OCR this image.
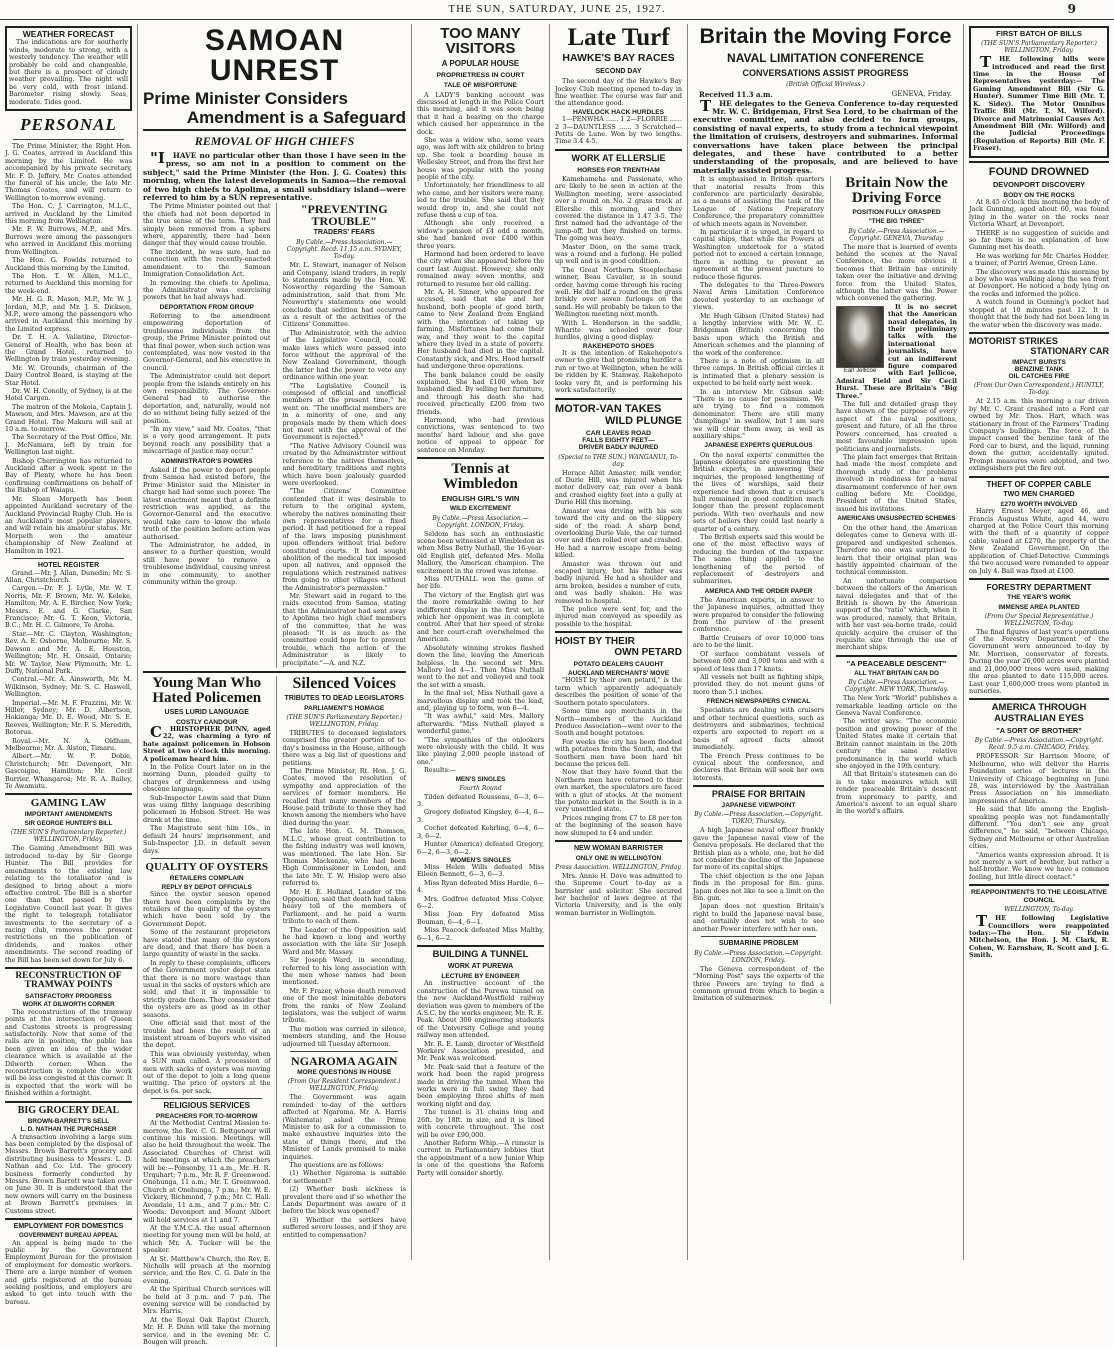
THE SUN, SATURDAY, JUNE 25, 1927.	9
WEATHER FORECAST

The indications are for southerly winds, moderate to strong, with a westerly tendency. The weather will probably be cold and changeable, but there is a prospect of cloudy weather prevailing. The night will be very cold, with frost inland. Barometer rising slowly. Seas, moderate. Tides good.

PERSONAL

The Prime Minister, the Right Hon. J. G. Coates, arrived in Auckland this morning by the Limited. He was accompanied by his private secretary, Mr. F. D. Jeffery. Mr. Coates attended the funeral of his uncle, the late Mr. Thomas Coates, and will return to Wellington to-morrow evening.

The Hon. C. J. Carrington, M.L.C., arrived in Auckland by the Limited this morning from Wellington.

Mr. F. W. Burrows, M.P., and Mrs. Burrows were among the passengers who arrived in Auckland this morning from Wellington.

The Hon. G. Fowlds returned to Auckland this morning by the Limited.

The Hon. T. W. Allen, M.L.C., returned to Auckland this morning for the week-end.

Mr. H. G. R. Mason, M.P., Mr. W. J. Jordan, M.P., and Mr. J. S. Dickson, M.P., were among the passengers who arrived in Auckland this morning by the Limited express.

Dr. T. H. A. Valintine, Director-General of Health, who has been at the Grand Hotel, returned to Wellington by train yesterday evening.

Mr. W. Grounds, chairman of the Dairy Control Board, is staying at the Star Hotel.

Dr. W. H. Conolly, of Sydney, is at the Hotel Cargen.

The matron of the Mokoia, Captain J. Mawson, and Mrs. Mawson, are at the Grand Hotel. The Makura will sail at 10 a.m. to-morrow.

The Secretary of the Post Office, Mr. J. McNamara, left by train for Wellington last night.

Bishop Cherrington has returned to Auckland after a week spent in the Bay of Plenty, where he has been confirming confirmations on behalf of the Bishop of Waiapu.

Mr. Sloan Morpeth has been appointed Auckland secretary of the Auckland Provincial Rugby Club. He is an Auckland's most popular players, and will retain his amateur status. Mr. Morpeth won the amateur championship of New Zealand at Hamilton in 1921.

HOTEL REGISTER

Grand.—Mr. J. Allan, Dunedin; Mr. S. Allan, Christchurch.

Cargen.—Dr. F. J. Lytle, Mr. W. T. Norris, Mr. F. Brown, Mr. W. Keleke, Hamilton; Mr. A. E. Bircher, New York; Messrs. E. and G. Clarke, San Francisco; Mr. G. T. Keon, Victoria, B.C.; Mr. H. C. Gilmore, Te Aroha.

Star.—Mr. C. Clayton, Washington; Rev. A. E. Osborne, Melbourne; Mr. S. Dawson and Mr. A. E. Houston, Wellington; Mr. H. Onsaid, Ontario; Mr. W. Taylor, New Plymouth; Mr. L. Duffy, National Park.

Central.—Mr. A. Ainsworth, Mr. M. Wilkinson, Sydney; Mr. S. C. Haswell, Wellington.

Imperial.—Mr. M. F. Frazzini, Mr. W. Hiller, Sydney; Mr. D. Albertson, Hokianga; Mr. D. E. Wood, Mr. S. E. Reeves, Wellington; Mr. F. S. Meredith, Rotorua.

Royal.—Mr. N. A. Oldham, Melbourne; Mr. A. Alston, Timaru.

Albert.—Mr. W. P. Dobie, Christchurch; Mr. Davenport, Mr. Gascoigne, Hamilton; Mr. Cecil Burrier, Whangaroa; Mr. R. A. Bailey, Te Awamutu.

GAMING LAW
IMPORTANT AMENDMENTS
SIR GEORGE HUNTER'S BILL

(THE SUN'S Parliamentary Reporter.) WELLINGTON, Friday.

The Gaming Amendment Bill was introduced to-day by Sir George Hunter. The Bill provides for amendments to the existing law relating to the totalisator and is designed to bring about a more effective control. The Bill is a shorter one than that passed by the Legislative Council last year. It gives the right to telegraph totalisator investments to the secretary of a racing club, removes the present restrictions on the publication of dividends, and makes other amendments. The second reading of the Bill has been set down for July 6.

RECONSTRUCTION OF TRAMWAY POINTS
SATISFACTORY PROGRESS
WORK AT DILWORTH CORNER

The reconstruction of the tramway points at the intersection of Queen and Customs streets is progressing satisfactorily. Now that some of the rails are in position, the public has been given an idea of the wider clearance which is available at the Dilworth corner. When the reconstruction is complete the work will be less congested at this corner. It is expected that the work will be finished within a fortnight.

BIG GROCERY DEAL
BROWN-BARRETT'S SELL
L. D. NATHAN THE PURCHASER

A transaction involving a large sum has been completed by the disposal of Messrs. Brown Barrett's grocery and distributing business to Messrs. L. D. Nathan and Co. Ltd. The grocery business formerly conducted by Messrs. Brown Barrett was taken over on June 30. It is understood that the new owners will carry on the business at Brown Barrett's premises in Customs street.

EMPLOYMENT FOR DOMESTICS
GOVERNMENT BUREAU APPEAL

An appeal is being made to the public by the Government Employment Bureau for the provision of employment for domestic workers. There are a large number of women and girls registered at the bureau seeking positions, and employers are asked to get into touch with the bureau.

SAMOAN UNREST
Prime Minister Considers
Amendment is a Safeguard
REMOVAL OF HIGH CHIEFS

"IHAVE no particular other than those I have seen in the press, so am not in a position to comment on the subject," said the Prime Minister (the Hon. J. G. Coates) this morning, when the latest developments in Samoa—the removal of two high chiefs to Apolima, a small subsidiary island—were referred to him by a SUN representative.

The Prime Minister pointed out that the chiefs had not been deported in the true sense of the term. They had simply been removed from a sphere where, apparently, there had been danger that they would cause trouble.

The incident, he was sure, had no connection with the recently-enacted amendment to the Samoan Immigration Consolidation Act.

In removing the chiefs to Apolima, the Administrator was exercising powers that he had always had.

DEPORTATION FROM GROUP

Referring to the amendment empowering deportation of troublesome individuals from the group, the Prime Minister pointed out that final power, when such action was contemplated, was now vested in the Governor-General, and his executive in council.

The Administrator could not deport people from the islands entirely on his own responsibility. The Governor-General had to authorise the deportation, and, naturally, would not do so without being fully seized of the position.

"In my view," said Mr. Coates, "that is a very good arrangement. It puts beyond reach any possibility that a miscarriage of justice may occur."

ADMINISTRATOR'S POWERS

Asked if the power to deport people from Samoa had existed before, the Prime Minister said the Minister in charge had had some such power. The latest enactment meant that a definite restriction was applied, as the Governor-General and the executive would take care to know the whole truth of the position before action was authorised.

The Administrator, he added, in answer to a further question, would still have power to remove a troublesome individual, causing unrest in one community, to another community within the group.

"PREVENTING TROUBLE"
TRADERS' FEARS

By Cable.—Press Association.—Copyright. Recd. 11.15 a.m. SYDNEY, To-day.

Mr. L. Stewart, manager of Nelson and Company, island traders, in reply to statements made by the Hon. W. Nosworthy regarding the Samoan administration, said that from Mr. Nosworthy's statements one would conclude that sedition had occurred as a result of the activities of the Citizens' Committee.

The Administrator, with the advice of the Legislative Council, could make laws which were passed into force without the approval of the New Zealand Government, though the latter had the power to veto any ordinance within one year.

"The Legislative Council is composed of official and unofficial members at the present time," he went on. "The unofficial members are in a minority of one, and any proposals made by them which does not meet with the approval of the Government is rejected."

"The Native Advisory Council was created by the Administrator without reference to the natives themselves, and hereditary traditions and rights which have been jealously guarded were overlooked.

"The Citizens' Committee contended that it was desirable to return to the original system, whereby the natives nominating their own representatives for a fixed period. It had petitioned for a repeal of the laws imposing punishment upon offenders without trial before constituted courts. It had sought abolition of the medical tax imposed upon all natives, and opposed the regulations which restrained natives from going to other villages without the Administrator's permission."

Mr. Stewart said in regard to the raids executed from Samoa, stating that the Administrator had sent away to Apolima two high chief members of the committee, that he was pleased: "It is as much as the committee could hope for to prevent trouble, which the action of the Administrator is likely to precipitate."—A. and N.Z.

Young Man Who
Hated Policemen
USES LURID LANGUAGE
COSTLY CANDOUR

CHRISTOPHER DUNN, aged 22, was charming a tyro of hate against policemen in Hobson Street at two o'clock this morning. A policeman heard him.

In the Police Court later on in the morning Dunn, pleaded guilty to charges of drunkenness and using obscene language.

Sub-Inspector Lewin said that Dunn was using filthy language describing policemen in Hobson Street. He was drunk at the time.

The Magistrate sent him 10s., in default 24 hours' imprisonment, and Sub-Inspector J.D. in default seven days.

QUALITY OF OYSTERS
RETAILERS COMPLAIN
REPLY BY DEPOT OFFICIALS

Since the oyster season opened there have been complaints by the retailers of the quality of the oysters which have been sold by the Government Depot.

Some of the restaurant proprietors have stated that many of the oysters are dead, and that there has been a large quantity of waste in the sacks.

In reply to these complaints, officers of the Government oyster depot state that there is no more wastage than usual in the sacks of oysters which are sold, and that it is impossible to strictly grade them. They consider that the oysters are as good as in other seasons.

One official said that most of the trouble had been the result of an insistent stream of buyers who visited the depot.

This was obviously yesterday, when a SUN man called. A procession of men with sacks of oysters was moving out of the depot to join a long queue waiting. The price of oysters at the depot is 6s. per sack.

RELIGIOUS SERVICES
PREACHERS FOR TO-MORROW

At the Methodist Central Mission to-morrow, the Rev. C. G. Bettgenour will continue his mission. Meetings will also be held throughout the week. The Associated Churches of Christ will hold meetings at which the preachers will be:—Ponsonby, 11 a.m., Mr. H. R. Urquhart; 7 p.m., Mr. R. F. Greenwood. Onehunga, 11 a.m.; Mr. T. Greenwood. Church at Onehunga, 7 p.m.; Mr. W. E. Vickery, Richmond, 7 p.m.; Mr. C. Hall. Avondale, 11 a.m., and 7 p.m.: Mr. C. Woods. Devonport and Mount Albert will hold services at 11 and 7.

At the Y.M.C.A. the usual afternoon meeting for young men will be held, at which Mr. A. Tucker will be the speaker.

At St. Matthew's Church, the Rev. E. Nicholls will preach at the morning service, and the Rev. C. G. Dale in the evening.

At the Spiritual Church services will be held at 3 p.m. and 7 p.m. The evening service will be conducted by Mrs. Harris.

At the Royal Oak Baptist Church, Mr. H. F. Dunn will take the morning service, and in the evening Mr. C. Bougen will preach.

Silenced Voices
TRIBUTES TO DEAD LEGISLATORS
PARLIAMENT'S HOMAGE

(THE SUN'S Parliamentary Reporter.) WELLINGTON, Friday.

TRIBUTES to deceased legislators comprised the greater portion of to-day's business in the House, although there was a big list of questions and petitions.

The Prime Minister, Rt. Hon. J. G. Coates, moved the resolution of sympathy and appreciation of the services of former members. He recalled that many members of the House paid tribute to those they had known among the members who have died during the year.

The late Hon. G. M. Thomson, M.L.C., whose great contribution to the fishing industry was well known, was mentioned. The late Hon. Sir Thomas Mackenzie, who had been High Commissioner in London, and the late Mr. T. W. Hislop were also referred to.

Mr. H. E. Holland, Leader of the Opposition, said that death had taken heavy toll of the members of Parliament, and he paid a warm tribute to each of them.

The Leader of the Opposition said he had known a long and worthy association with the late Sir Joseph Ward and Mr. Massey.

Sir Joseph Ward, in seconding, referred to his long association with the men whose names had been mentioned.

Mr. F. Frazer, whose death removed one of the most inimitable debaters from the ranks of New Zealand legislators, was the subject of warm tribute.

The motion was carried in silence, members standing, and the House adjourned till Tuesday afternoon.

NGAROMA AGAIN
MORE QUESTIONS IN HOUSE

(From Our Resident Correspondent.) WELLINGTON, Friday.

The Government was again reminded to-day of the settlers affected at Ngaroma. Mr. A. Harris (Waitemata) asked the Prime Minister to ask for a commission to make exhaustive inquiries into the state of things there, and the Minister of Lands promised to make inquiries.

The questions are as follows:

(1) Whether Ngaroma is suitable for settlement?

(2) Whether bush sickness is prevalent there and if so whether the Lands Department was aware of it before the block was opened?

(3) Whether the settlers have suffered severe losses, and if they are entitled to compensation?

TOO MANY VISITORS
A POPULAR HOUSE
PROPRIETRESS IN COURT
TALE OF MISFORTUNE

A LADY'S banking account was discussed at length in the Police Court this morning, and it was soon being that it had a bearing on the charge which caused her appearance in the dock.

She was a widow who, some years ago, was left with six children to bring up. She took a boarding house in Wellesley Street, and from the first her house was popular with the young people of the city.

Unfortunately, her friendliness to all who came, and her visitors were many, led to the trouble. She said that they would drop in, and she could not refuse them a cup of tea.

Although she only received a widow's pension of £4 odd a month, she had banked over £400 within three years.

Harmond had been ordered to leave the city when she appeared before the court last August. However, she only remained away seven months, and returned to resume her old calling.

Mr. A. H. Sinner, who appeared for accused, said that she and her husband, both people of good birth, came to New Zealand from England with the intention of taking up farming. Misfortunes had come their way, and they went to the capital where they lived in a state of poverty. Her husband had died in the capital. Constantly sick, and Mrs. Hood herself had undergone three operations.

The bank balance could be easily explained. She had £100 when her husband died. By selling her furniture, and through his death she had received practically £200 from two friends.

Harmond, who had previous convictions, was sentenced to two months' hard labour, and she gave notice of appeal to appear for sentence on Monday.

Tennis at Wimbledon
ENGLISH GIRL'S WIN
WILD EXCITEMENT

By Cable.—Press Association.—Copyright. LONDON, Friday.

Seldom has such an enthusiastic scene been witnessed at Wimbledon as when Miss Betty Nuthall, the 16-year-old English girl, defeated Mrs. Molla Mallory, the American champion. The excitement in the crowd was intense.

Miss NUTHALL won the game of her life.

The victory of the English girl was the more remarkable owing to her indifferent display in the first set, in which her opponent was in complete control. After that her speed of stroke and her court-craft overwhelmed the American.

Absolutely winning strokes flashed down the line, leaving the American helpless. In the second set Mrs. Mallory led 4—1. Then Miss Nuthall went to the net and volleyed and took the set with a smash.

In the final set, Miss Nuthall gave a marvellous display and took the lead, and, playing up to form, won 6—4.

"It was awful," said Mrs. Mallory afterwards. "Miss Nuthall played a wonderful game."

"The sympathies of the onlookers were obviously with the child. It was like playing 2,000 people instead of one."

Results:—

MEN'S SINGLES

Fourth Round

Tilden defeated Rousseau, 6—3, 6—3.

Gregory defeated Kingsley, 6—4, 6—3.

Cochet defeated Kehrling, 6—4, 6—3, 6—2.

Hunter (America) defeated Gregory, 6—2, 6—3, 6—2.

WOMEN'S SINGLES

Miss Helen Wills defeated Miss Eileen Bennett, 6—3, 6—3.

Miss Ryan defeated Miss Hardie, 6—4.

Mrs. Godfree defeated Miss Colyer, 6—2.

Miss Joan Fry defeated Miss Bouman, 6—4, 6—1.

Miss Peacock defeated Miss Maltby, 6—1, 6—2.

BUILDING A TUNNEL
WORK AT PUREWA
LECTURE BY ENGINEER

An instructive account of the construction of the Purewa tunnel on the new Auckland-Westfield railway deviation was given to members of the A.S.C. by the works engineer, Mr. R. E. Peak. About 300 engineering students of the University College and young railway men attended.

Mr. R. E. Lamb, director of Westfield Workers' Association presided, and Mr. Peak was welcomed.

Mr. Peak said that a feature of the work had been the rapid progress made in driving the tunnel. When the works were in full swing they had been employing three shifts of men working night and day.

The tunnel is 31 chains long and 26ft. by 18ft. in size, and it is lined with concrete throughout. The cost will be over £90,000.

Another Reform Whip.—A rumour is current in Parliamentary lobbies that the appointment of a new Junior Whip is one of the questions the Reform Party will consider shortly.

Late Turf
HAWKE'S BAY RACES
SECOND DAY

The second day of the Hawke's Bay Jockey Club meeting opened to-day in fine weather. The course was fair and the attendance good.

HAVELOCK HACK HURDLES

1—PENWHA ...... 1 2—FLORRIE ...... 2 3—DAUNTLESS ...... 3 Scratched—Petits de Lune. Won by two lengths. Time 3.4 4-5.

WORK AT ELLERSLIE
HORSES FOR TRENTHAM

Kamehameha and Passionate, who are likely to be seen in action at the Wellington meeting, were associated over a round on No. 2 grass track at Ellerslie this morning, and they covered the distance in 1.47 3-5. The first named had the advantage of the jump-off, but they finished on terms. The going was heavy.

Master Doon, on the same track, was a round and a furlong. He pulled up well and is in good condition.

The Great Northern Steeplechase winner, Beau Cavalier, is in sound order, having come through his racing well. He did half a round on the grass briskly over seven furlongs on the sand. He will probably be taken to the Wellington meeting next month.

With L. Henderson in the saddle, Wharite was schooled over four hurdles, giving a good display.

RAKEHEPOTO SHOES

It is the intention of Rakehepoto's owner to give that promising hurdler a run or two at Wellington, when he will be ridden by K. Stanway. Rakehepoto looks very fit, and is performing his work satisfactorily.

MOTOR-VAN TAKES
WILD PLUNGE
CAR LEAVES ROAD
FALLS EIGHTY FEET—
DRIVER BADLY INJURED

(Special to THE SUN.) WANGANUI, To-day.

Horace Albit Amaster, milk vendor, of Durie Hill, was injured when his motor delivery car, ran over a bank and crashed eighty feet into a gully at Durie Hill this morning.

Amaster was driving with his son toward the city and on the slippery side of the road. A sharp bend, overlooking Durie Vale, the car turned over and then rolled over and crashed. He had a narrow escape from being killed.

Amaster was thrown out and escaped injury, but his father was badly injured. He had a shoulder and arm broken, besides a number of cuts, and was badly shaken. He was removed to hospital.

The police were sent for, and the injured man conveyed as speedily as possible to the hospital.

HOIST BY THEIR
OWN PETARD
POTATO DEALERS CAUGHT
AUCKLAND MERCHANTS' MOVE

"HOIST by their own petard," is the term which apparently adequately describes the position of some of the Southern potato speculators.

Some time ago merchants in the North—members of the Auckland Produce Association—went over to the South and bought potatoes.

For weeks the city has been flooded with potatoes from the South, and the Southern men have been hard hit because the prices fell.

Now that they have found that the Northern men have returned to their own market, the speculators are faced with a glut of stocks. At the moment the potato market in the South is in a very unsettled state.

Prices ranging from £7 to £8 per ton at the beginning of the season have now slumped to £4 and under.

NEW WOMAN BARRISTER
ONLY ONE IN WELLINGTON

Press Association. WELLINGTON, Friday.

Mrs. Annie H. Dove was admitted to the Supreme Court to-day as a barrister and solicitor. She secured her bachelor of laws degree at the Victoria University, and is the only woman barrister in Wellington.

Britain the Moving Force
NAVAL LIMITATION CONFERENCE
CONVERSATIONS ASSIST PROGRESS

(British Official Wireless.)

Received 11.3 a.m.	GENEVA, Friday.

THE delegates to the Geneva Conference to-day requested Mr. W. C. Bridgeman, First Sea Lord, to be chairman of the executive committee, and also decided to form groups, consisting of naval experts, to study from a technical viewpoint the limitation of cruisers, destroyers and submarines. Informal conversations have taken place between the principal delegates, and these have contributed to a better understanding of the proposals, and are believed to have materially assisted progress.

It is emphasised in British quarters that material results from this conference are particularly desirable, as a means of assisting the task of the League of Nations Preparatory Conference, the preparatory committee of which meets again in November.

In particular it is urged, in regard to capital ships, that while the Powers at Washington undertook for a stated period not to exceed a certain tonnage, there is nothing to prevent an agreement at the present juncture to reduce those figures.

The delegates to the Three-Powers Naval Arms Limitation Conference devoted yesterday to an exchange of views.

Mr. Hugh Gibson (United States) had a lengthy interview with Mr. W. C. Bridgeman (Britain) concerning the basis upon which the British and American schemes and the planning of the work of the conference.

There is a note of optimism in all three camps. In British official circles it is intimated that a plenary session is expected to be held early next week.

In an interview Mr. Gibson said: "There is no cause for pessimism. We are trying to find a common denominator. There are still many 'dumplings' in swallow, but I am sure we will clear them away, as well as auxiliary ships."

JAPANESE EXPERTS QUERULOUS

On the naval experts' committee the Japanese delegates are questioning the British experts, in answering their inquiries, the proposed lengthening of the lives of warships, said their experience had shown that a cruiser's hull remained in good condition much longer than the present replacement periods. With two overhauls and new sets of boilers they could last nearly a quarter of a century.

The British experts said this would be one of the most effective ways of reducing the burden of the taxpayer. The same thing applied to the lengthening of the period of replacement of destroyers and submarines.

AMERICA AND THE ORDER PAPER

The American experts, in answer to the Japanese inquiries, admitted they were prepared to consider the following from the purview of the present conference.

Battle Cruisers of over 10,000 tons are to be the limit.

Of surface combatant vessels of between 600 and 3,000 tons and with a speed of less than 17 knots.

All vessels not built as fighting ships, provided they do not mount guns of more than 5.1 inches.

FRENCH NEWSPAPERS CYNICAL

Specialists are dealing with cruisers and other technical questions, such as destroyers and submarines, technical experts are expected to report on a basis of agreed facts almost immediately.

The French Press continues to be cynical about the conference, and declares that Britain will seek her own interests.

PRAISE FOR BRITAIN
JAPANESE VIEWPOINT

By Cable.—Press Association.—Copyright. TOKIO, Thursday.

A high Japanese naval officer frankly gave the Japanese naval view of the Geneva proposals. He declared that the British plan as a whole, one, but he did not consider the decline of the Japanese far more of its capital ships.

The chief objection is the one Japan finds in the proposal for 8in. guns. Japan does not like to see a limit on the 8in. gun.

Japan does not question Britain's right to build the Japanese naval base, and certainly does not wish to see another Power interfere with her own.

SUBMARINE PROBLEM

By Cable.—Press Association.—Copyright. LONDON, Friday.

The Geneva correspondent of the "Morning Post" says the experts of the three Powers are trying to find a common ground from which to begin a limitation of submarines.

Britain Now the
Driving Force
POSITION FULLY GRASPED
"THE BIG THREE"

By Cable.—Press Association.—Copyright. GENEVA, Thursday.

The more that is learned of events behind the scenes at the Naval Conference, the more obvious it becomes that Britain has entirely taken over the initiative and driving force from the United States, although the latter was the Power which convened the gathering.

Earl Jellicoe

It is no secret that the American naval delegates, in their preliminary talks with the international journalists, have cut an indifferent figure compared with Earl Jellicoe, Admiral Field and Sir Cecil Hurst. These are Britain's "Big Three."

The full and detailed grasp they have shown of the purpose of every aspect of the naval positions, present and future, of all the three Powers concerned, has created a most favourable impression upon politicians and journalists.

The plain fact emerges that Britain had made the most complete and thorough study of the problems involved in readiness for a naval disarmament conference of her own calling before Mr. Coolidge, President of the United States, issued his invitations.

AMERICANS UNSUSPECTED SCHEMES

On the other hand, the American delegates came to Geneva with ill-prepared and undigested schemes. Therefore no one was surprised to learn that their original plan was hastily appointed chairman of the technical commission.

An unfortunate comparison between the callers of the American naval delegates and that of the British is shown by the American support of the "ratio" which, when it was produced, namely, that Britain, with her vast sea-borne trade, could quickly acquire the cruiser of the requisite size through the use of merchant ships.

"A PEACEABLE DESCENT"
ALL THAT BRITAIN CAN DO

By Cable.—Press Association.—Copyright. NEW YORK, Thursday.

The New York "World" publishes a remarkable leading article on the Geneva Naval Conference.

The writer says: "The economic position and growing power of the United States make it certain that Britain cannot maintain in the 20th century the same relative predominance in the world which she enjoyed in the 19th century.

All that Britain's statesmen can do is to take measures which will render peaceable Britain's descent from supremacy to parity, and America's ascent to an equal share in the world's affairs.

FIRST BATCH OF BILLS

(THE SUN'S Parliamentary Reporter.) WELLINGTON, Friday.

THE following bills were introduced and read the first time in the House of Representatives yesterday:— The Gaming Amendment Bill (Sir G. Hunter). Summer Time Bill (Mr. T. K. Sidey). The Motor Omnibus Traffic Bill (Mr. T. M. Wilford). Divorce and Matrimonial Causes Act Amendment Bill (Mr. Wilford) and the Judicial Proceedings (Regulation of Reports) Bill (Mr. F. Fraser).

FOUND DROWNED
DEVONPORT DISCOVERY
BODY ON THE ROCKS

At 8.45 o'clock this morning the body of Jack Gunning, aged about 60, was found lying in the water on the rocks near Victoria Wharf, at Devonport.

THERE is no suggestion of suicide and so far there is no explanation of how Gunning met his death.

He was working for Mr. Charles Hodder, a trainer, of Puriri Avenue, Green Lane.

The discovery was made this morning by a boy who was walking along the sea front at Devonport. He noticed a body lying on the rocks and informed the police.

A watch found in Gunning's pocket had stopped at 10 minutes past 12. It is thought that the body had not been long in the water when the discovery was made.

MOTORIST STRIKES
STATIONARY CAR
IMPACT BURSTS
BENZINE TANK
OIL CATCHES FIRE

(From Our Own Correspondent.) HUNTLY, To-day.

At 2.15 a.m. this morning a car driven by Mr. C. Grant crashed into a Ford car owned by Mr. Thos. Hart, which was stationary in front of the Farmers' Trading Company's buildings. The force of the impact caused the benzine tank of the Ford car to burst, and the liquid, running down the gutter, accidentally ignited. Prompt measures were adopted, and two extinguishers put the fire out.

THEFT OF COPPER CABLE
TWO MEN CHARGED
£270 WORTH INVOLVED

Harry Ernest Meyer, aged 46, and Francis Augustus White, aged 44, were charged at the Police Court this morning with the theft of a quantity of copper cable, valued at £270, the property of the New Zealand Government. On the application of Chief-Detective Cummings the two accused were remanded to appear on July 4. Bail was fixed at £100.

FORESTRY DEPARTMENT
THE YEAR'S WORK
IMMENSE AREA PLANTED

(From Our Special Representative.) WELLINGTON, To-day.

The final figures of last year's operations of the Forestry Department of the Government were announced to-day by Mr. Morrison, conservator of forests. During the year 26,000 acres were planted and 21,000,000 trees were used, making the area planted to date 115,000 acres. Last year 1,600,000 trees were planted in nurseries.

AMERICA THROUGH
AUSTRALIAN EYES
"A SORT OF BROTHER"

By Cable.—Press Association.—Copyright. Recd. 9.5 a.m. CHICAGO, Friday.

PROFESSOR Sir Harrison Moore, of Melbourne, who will deliver the Harris Foundation series of lectures in the University of Chicago beginning on June 28, was interviewed by the Australian Press Association on his immediate impressions of America.

He said that life among the English-speaking people was not fundamentally different. "You don't see any great difference," he said, "between Chicago, Sydney and Melbourne or other Australian cities.

"America wants expression abroad. It is not merely a sort of brother, but rather a half-brother. We know we have a common feeling, but little direct contact."

REAPPOINTMENTS TO THE LEGISLATIVE COUNCIL

WELLINGTON, To-day.

THE following Legislative Councillors were reappointed today:—The Hon. Sir Edwin Mitchelson, the Hon. J. M. Clark, R. Cohen, W. Earnshaw, R. Scott and J. G. Smith.
